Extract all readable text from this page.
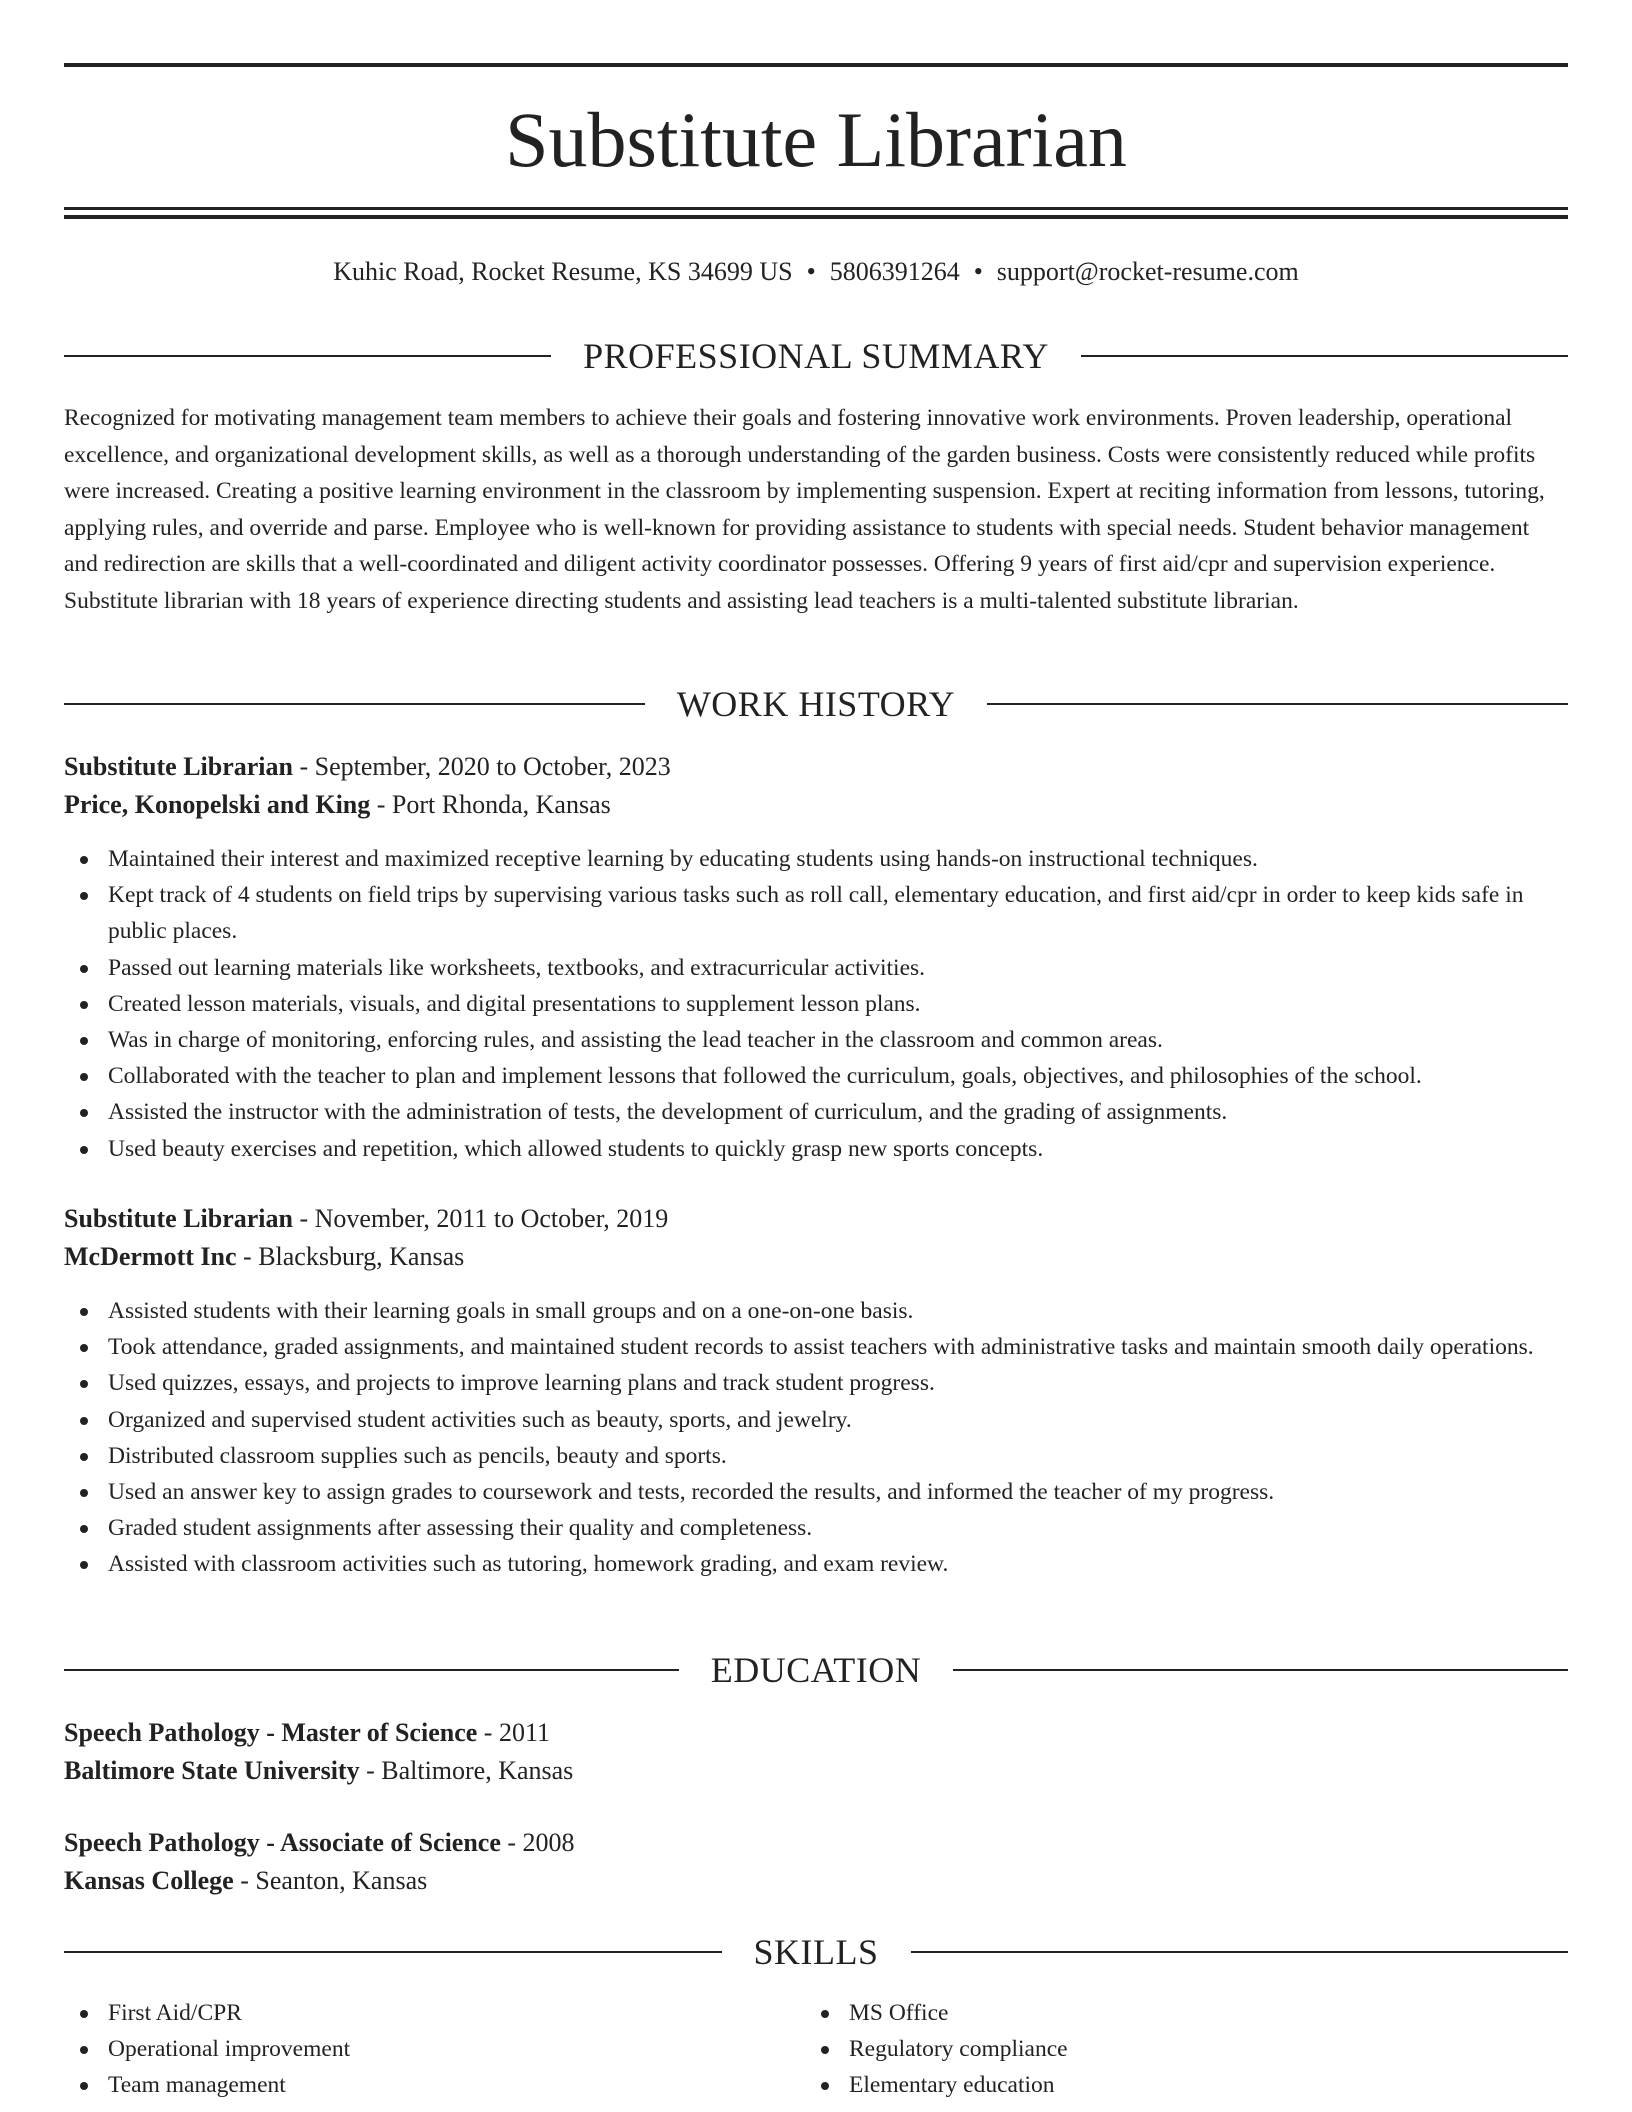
Substitute Librarian
Kuhic Road, Rocket Resume, KS 34699 US • 5806391264 • support@rocket-resume.com
PROFESSIONAL SUMMARY

Recognized for motivating management team members to achieve their goals and fostering innovative work environments. Proven leadership, operational excellence, and organizational development skills, as well as a thorough understanding of the garden business. Costs were consistently reduced while profits were increased. Creating a positive learning environment in the classroom by implementing suspension. Expert at reciting information from lessons, tutoring, applying rules, and override and parse. Employee who is well-known for providing assistance to students with special needs. Student behavior management and redirection are skills that a well-coordinated and diligent activity coordinator possesses. Offering 9 years of first aid/cpr and supervision experience. Substitute librarian with 18 years of experience directing students and assisting lead teachers is a multi-talented substitute librarian.

WORK HISTORY
Substitute Librarian - September, 2020 to October, 2023
Price, Konopelski and King - Port Rhonda, Kansas
Maintained their interest and maximized receptive learning by educating students using hands-on instructional techniques.
Kept track of 4 students on field trips by supervising various tasks such as roll call, elementary education, and first aid/cpr in order to keep kids safe in public places.
Passed out learning materials like worksheets, textbooks, and extracurricular activities.
Created lesson materials, visuals, and digital presentations to supplement lesson plans.
Was in charge of monitoring, enforcing rules, and assisting the lead teacher in the classroom and common areas.
Collaborated with the teacher to plan and implement lessons that followed the curriculum, goals, objectives, and philosophies of the school.
Assisted the instructor with the administration of tests, the development of curriculum, and the grading of assignments.
Used beauty exercises and repetition, which allowed students to quickly grasp new sports concepts.
Substitute Librarian - November, 2011 to October, 2019
McDermott Inc - Blacksburg, Kansas
Assisted students with their learning goals in small groups and on a one-on-one basis.
Took attendance, graded assignments, and maintained student records to assist teachers with administrative tasks and maintain smooth daily operations.
Used quizzes, essays, and projects to improve learning plans and track student progress.
Organized and supervised student activities such as beauty, sports, and jewelry.
Distributed classroom supplies such as pencils, beauty and sports.
Used an answer key to assign grades to coursework and tests, recorded the results, and informed the teacher of my progress.
Graded student assignments after assessing their quality and completeness.
Assisted with classroom activities such as tutoring, homework grading, and exam review.
EDUCATION
Speech Pathology - Master of Science - 2011
Baltimore State University - Baltimore, Kansas
Speech Pathology - Associate of Science - 2008
Kansas College - Seanton, Kansas
SKILLS
First Aid/CPR
Operational improvement
Team management
MS Office
Regulatory compliance
Elementary education
